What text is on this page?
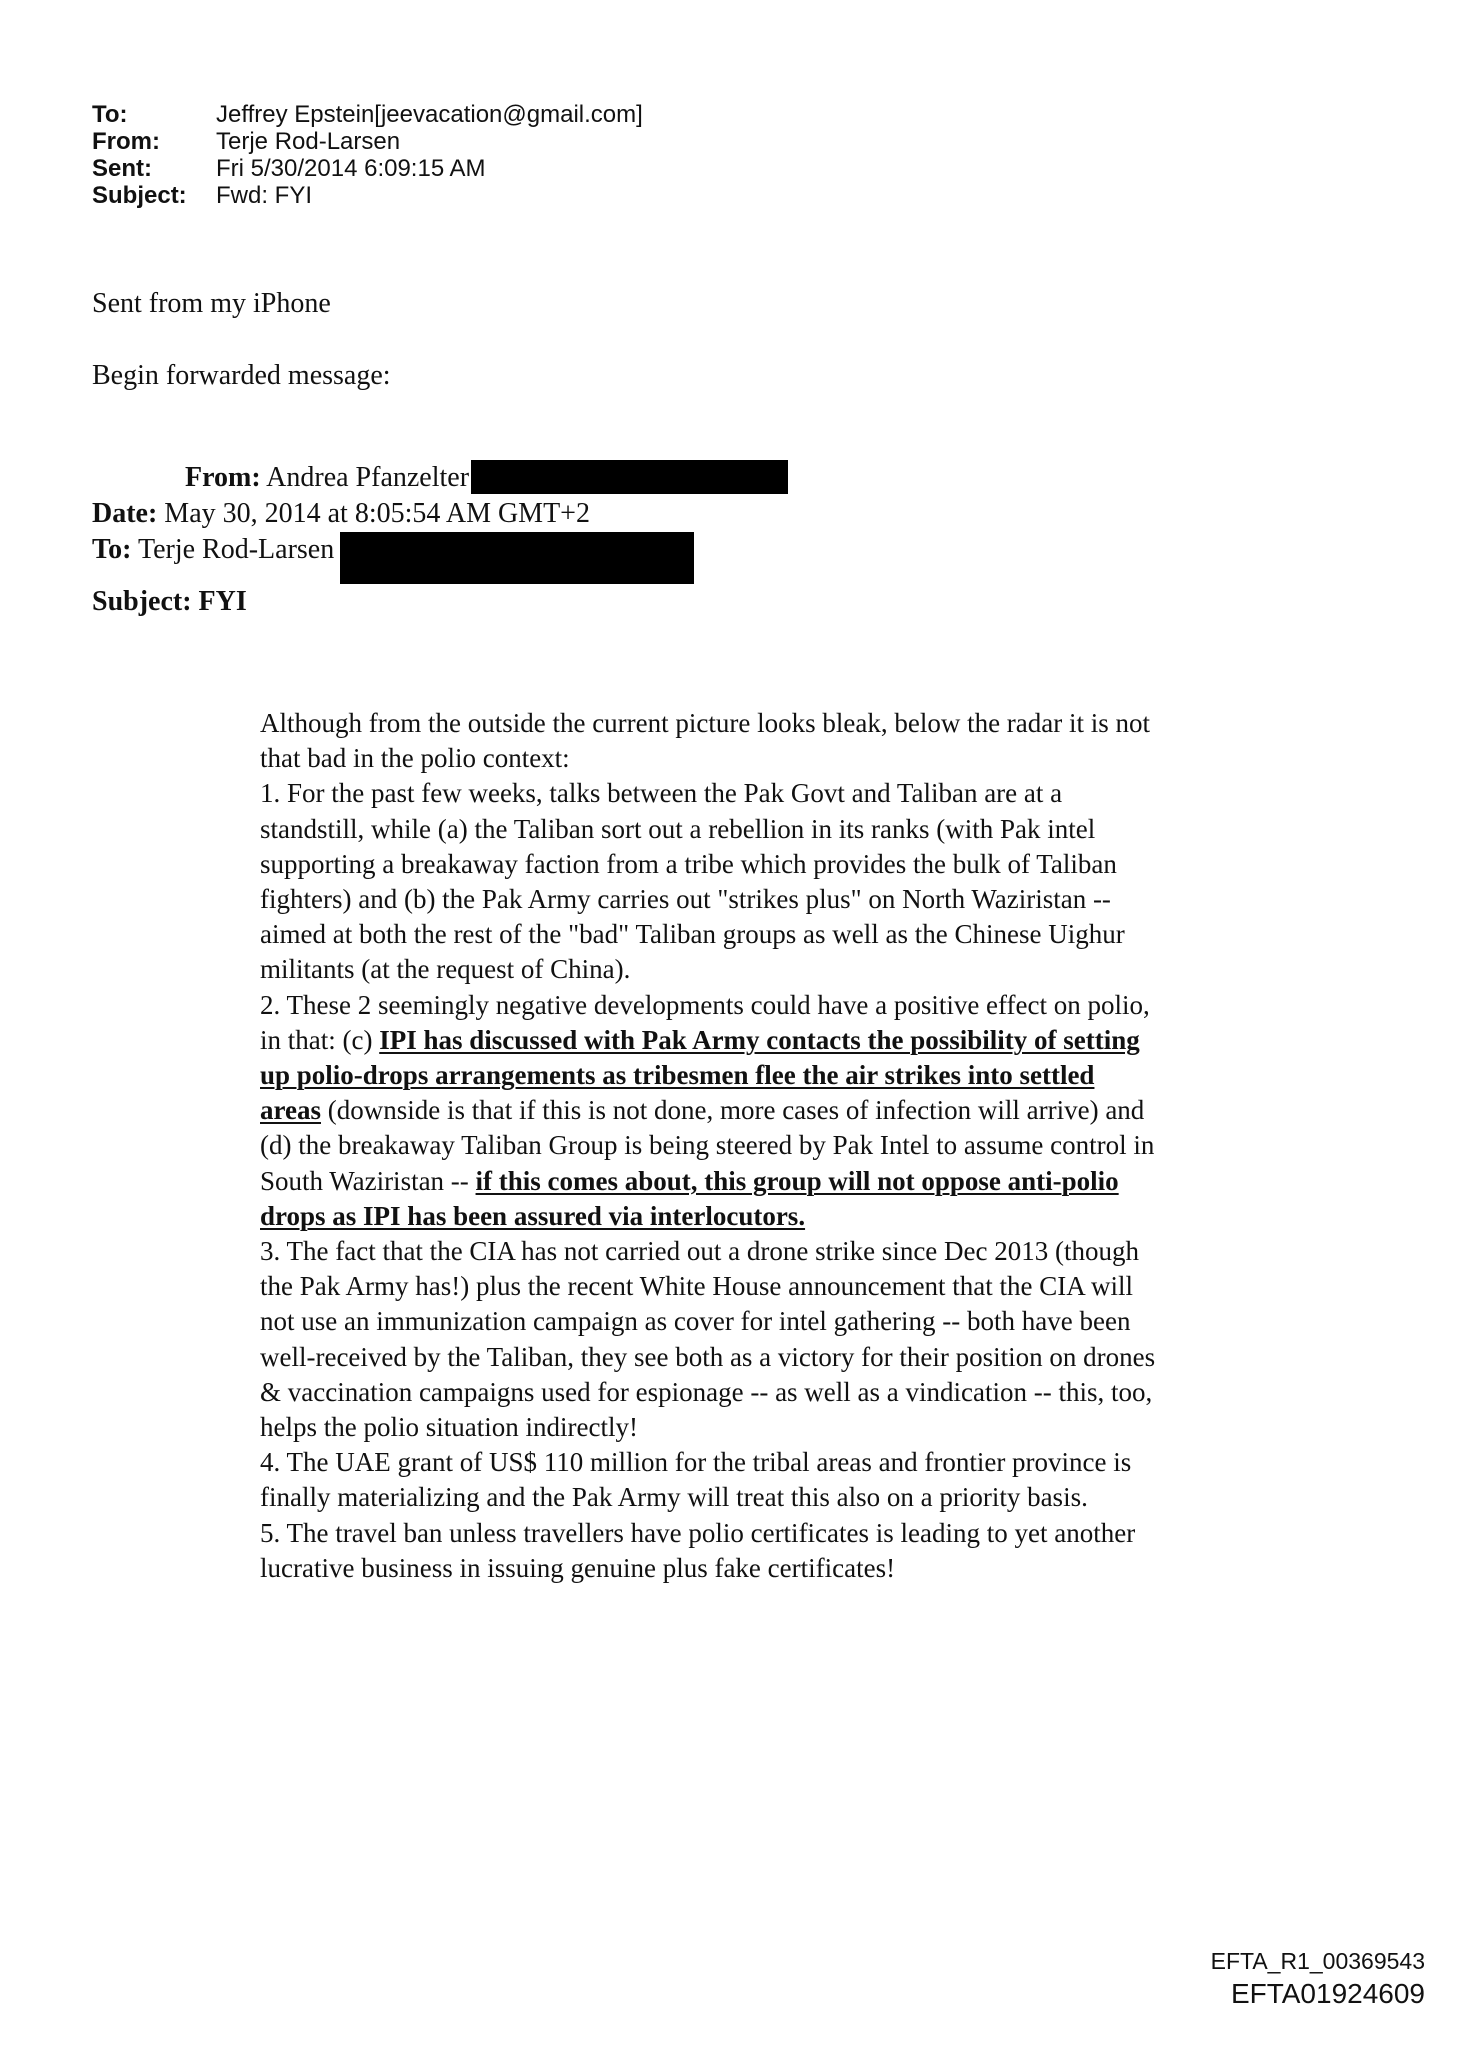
To:	Jeffrey Epstein[jeevacation@gmail.com]
From:	Terje Rod-Larsen
Sent:	Fri 5/30/2014 6:09:15 AM
Subject:	Fwd: FYI
Sent from my iPhone
Begin forwarded message:
From: Andrea Pfanzelter
Date: May 30, 2014 at 8:05:54 AM GMT+2
To: Terje Rod-Larsen
Subject: FYI

Although from the outside the current picture looks bleak, below the radar it is not that bad in the polio context:

1. For the past few weeks, talks between the Pak Govt and Taliban are at a standstill, while (a) the Taliban sort out a rebellion in its ranks (with Pak intel supporting a breakaway faction from a tribe which provides the bulk of Taliban fighters) and (b) the Pak Army carries out "strikes plus" on North Waziristan -- aimed at both the rest of the "bad" Taliban groups as well as the Chinese Uighur militants (at the request of China).

2. These 2 seemingly negative developments could have a positive effect on polio, in that: (c) IPI has discussed with Pak Army contacts the possibility of setting up polio-drops arrangements as tribesmen flee the air strikes into settled areas (downside is that if this is not done, more cases of infection will arrive) and (d) the breakaway Taliban Group is being steered by Pak Intel to assume control in South Waziristan -- if this comes about, this group will not oppose anti-polio drops as IPI has been assured via interlocutors.

3. The fact that the CIA has not carried out a drone strike since Dec 2013 (though the Pak Army has!) plus the recent White House announcement that the CIA will not use an immunization campaign as cover for intel gathering -- both have been well-received by the Taliban, they see both as a victory for their position on drones & vaccination campaigns used for espionage -- as well as a vindication -- this, too, helps the polio situation indirectly!

4. The UAE grant of US$ 110 million for the tribal areas and frontier province is finally materializing and the Pak Army will treat this also on a priority basis.

5. The travel ban unless travellers have polio certificates is leading to yet another lucrative business in issuing genuine plus fake certificates!

EFTA_R1_00369543
EFTA01924609
